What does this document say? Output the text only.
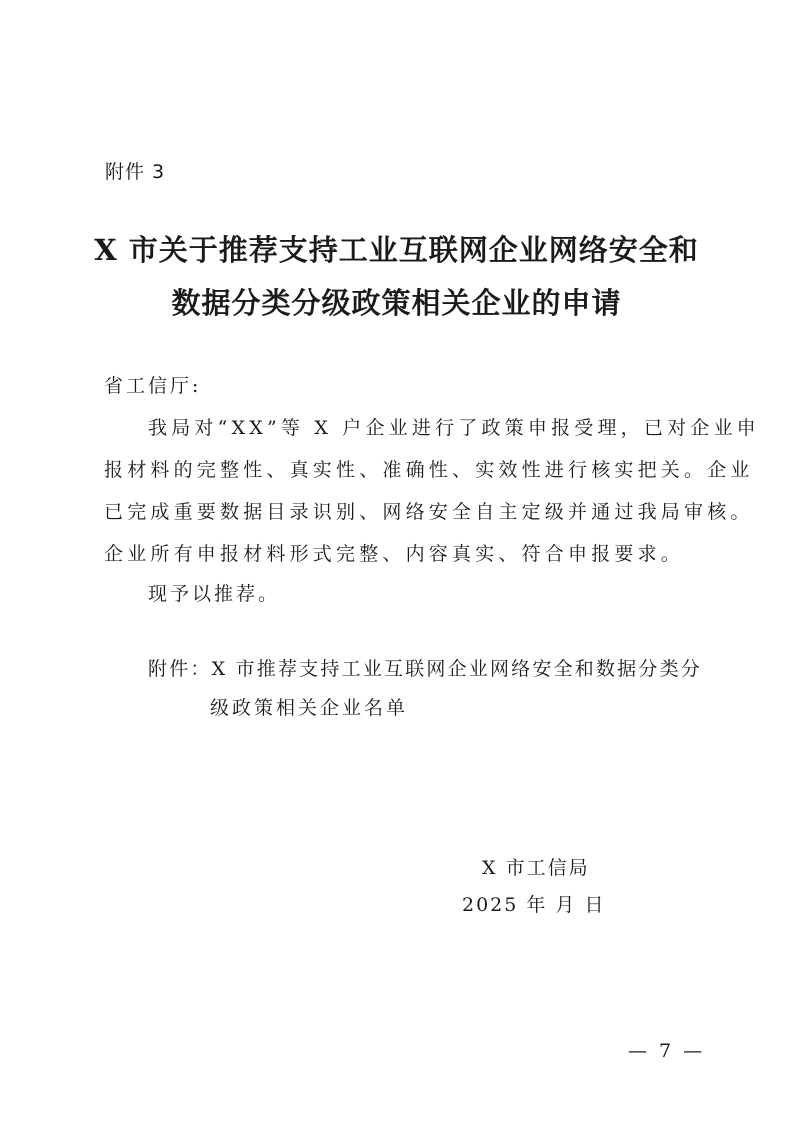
附件 3
X 市关于推荐支持工业互联网企业网络安全和
数据分类分级政策相关企业的申请
省工信厅:
我局对“XX”等 X 户企业进行了政策申报受理，已对企业申
报材料的完整性、真实性、准确性、实效性进行核实把关。企业
已完成重要数据目录识别、网络安全自主定级并通过我局审核。
企业所有申报材料形式完整、内容真实、符合申报要求。
现予以推荐。
附件：X 市推荐支持工业互联网企业网络安全和数据分类分
级政策相关企业名单
X 市工信局
2025 年 月 日
— 7 —
